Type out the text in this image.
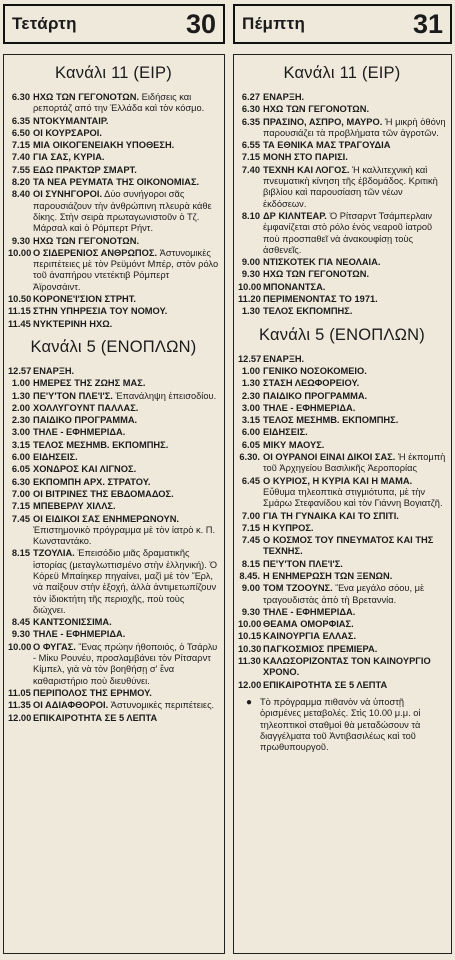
Τετάρτη	30
Κανάλι 11 (ΕΙΡ)
6.30 ΗΧΩ ΤΩΝ ΓΕΓΟΝΟΤΩΝ. Ειδήσεις και ρεπορτάζ από την Ἑλλάδα καὶ τὸν κόσμο.
6.35 ΝΤΟΚΥΜΑΝΤΑΙΡ.
6.50 ΟΙ ΚΟΥΡΣΑΡΟΙ.
7.15 ΜΙΑ ΟΙΚΟΓΕΝΕΙΑΚΗ ΥΠΟΘΕΣΗ.
7.40 ΓΙΑ ΣΑΣ, ΚΥΡΙΑ.
7.55 ΕΔΩ ΠΡΑΚΤΩΡ ΣΜΑΡΤ.
8.20 ΤΑ ΝΕΑ ΡΕΥΜΑΤΑ ΤΗΣ ΟΙΚΟΝΟΜΙΑΣ.
8.40 ΟΙ ΣΥΝΗΓΟΡΟΙ. Δύο συνήγοροι σᾶς παρουσιάζουν τὴν ἀνθρώπινη πλευρὰ κάθε δίκης. Στὴν σειρὰ πρωταγωνιστοῦν ὁ Τζ. Μάρσαλ καὶ ὁ Ρόμπερτ Ρήντ.
9.30 ΗΧΩ ΤΩΝ ΓΕΓΟΝΟΤΩΝ.
10.00 Ο ΣΙΔΕΡΕΝΙΟΣ ΑΝΘΡΩΠΟΣ. Ἀστυνομικὲς περιπέτειες μὲ τὸν Ρεϋμόντ Μπέρ, στὸν ρόλο τοῦ ἀναπήρου ντετέκτιβ Ρόμπερτ Ἀϊρονσάιντ.
10.50 ΚΟΡΟΝΕ'Ι'ΣΙΟΝ ΣΤΡΗΤ.
11.15 ΣΤΗΝ ΥΠΗΡΕΣΙΑ ΤΟΥ ΝΟΜΟΥ.
11.45 ΝΥΚΤΕΡΙΝΗ ΗΧΩ.
Κανάλι 5 (ΕΝΟΠΛΩΝ)
12.57 ΕΝΑΡΞΗ.
1.00 ΗΜΕΡΕΣ ΤΗΣ ΖΩΗΣ ΜΑΣ.
1.30 ΠΕ'Υ'ΤΟΝ ΠΛΕ'Ι'Σ. Ἐπανάληψη ἐπεισοδίου.
2.00 ΧΟΛΛΥΓΟΥΝΤ ΠΑΛΛΑΣ.
2.30 ΠΑΙΔΙΚΟ ΠΡΟΓΡΑΜΜΑ.
3.00 ΤΗΛΕ - ΕΦΗΜΕΡΙΔΑ.
3.15 ΤΕΛΟΣ ΜΕΣΗΜΒ. ΕΚΠΟΜΠΗΣ.
6.00 ΕΙΔΗΣΕΙΣ.
6.05 ΧΟΝΔΡΟΣ ΚΑΙ ΛΙΓΝΟΣ.
6.30 ΕΚΠΟΜΠΗ ΑΡΧ. ΣΤΡΑΤΟΥ.
7.00 ΟΙ ΒΙΤΡΙΝΕΣ ΤΗΣ ΕΒΔΟΜΑΔΟΣ.
7.15 ΜΠΕΒΕΡΛΥ ΧΙΛΛΣ.
7.45 ΟΙ ΕΙΔΙΚΟΙ ΣΑΣ ΕΝΗΜΕΡΩΝΟΥΝ. Ἐπιστημονικὸ πρόγραμμα μὲ τὸν ἰατρὸ κ. Π. Κωνσταντάκο.
8.15 ΤΖΟΥΛΙΑ. Ἐπεισόδιο μιᾶς δραματικῆς ἱστορίας (μεταγλωττισμένο στὴν ἑλληνική). Ὁ Κόρεϋ Μπαίηκερ πηγαίνει, μαζὶ μὲ τὸν Ἔρλ, νὰ παίξουν στὴν ἐξοχή, ἀλλὰ ἀντιμετωπίζουν τὸν ἰδιοκτήτη τῆς περιοχῆς, ποὺ τοὺς διώχνει.
8.45 ΚΑΝΤΣΟΝΙΣΣΙΜΑ.
9.30 ΤΗΛΕ - ΕΦΗΜΕΡΙΔΑ.
10.00 Ο ΦΥΓΑΣ. Ἕνας πρώην ἠθοποιός, ὁ Τσάρλυ - Μίκυ Ρουνέυ, προσλαμβάνει τὸν Ρίτσαρντ Κίμπελ, γιὰ νὰ τὸν βοηθήσῃ σ' ἕνα καθαριστήριο ποὺ διευθύνει.
11.05 ΠΕΡΙΠΟΛΟΣ ΤΗΣ ΕΡΗΜΟΥ.
11.35 ΟΙ ΑΔΙΑΦΘΟΡΟΙ. Ἀστυνομικὲς περιπέτειες.
12.00 ΕΠΙΚΑΙΡΟΤΗΤΑ ΣΕ 5 ΛΕΠΤΑ
Πέμπτη	31
Κανάλι 11 (ΕΙΡ)
6.27 ΕΝΑΡΞΗ.
6.30 ΗΧΩ ΤΩΝ ΓΕΓΟΝΟΤΩΝ.
6.35 ΠΡΑΣΙΝΟ, ΑΣΠΡΟ, ΜΑΥΡΟ. Ἡ μικρὴ ὀθόνη παρουσιάζει τὰ προβλήματα τῶν ἀγροτῶν.
6.55 ΤΑ ΕΘΝΙΚΑ ΜΑΣ ΤΡΑΓΟΥΔΙΑ
7.15 ΜΟΝΗ ΣΤΟ ΠΑΡΙΣΙ.
7.40 ΤΕΧΝΗ ΚΑΙ ΛΟΓΟΣ. Ἡ καλλιτεχνικὴ καὶ πνευματικὴ κίνηση τῆς ἑβδομάδος. Κριτικὴ βιβλίου καὶ παρουσίαση τῶν νέων ἐκδόσεων.
8.10 ΔΡ ΚΙΛΝΤΕΑΡ. Ὁ Ρίτσαρντ Τσάμπερλαιν ἐμφανίζεται στὸ ρόλο ἑνὸς νεαροῦ ἰατροῦ ποὺ προσπαθεῖ νὰ ἀνακουφίσῃ τοὺς ἀσθενεῖς.
9.00 ΝΤΙΣΚΟΤΕΚ ΓΙΑ ΝΕΟΛΑΙΑ.
9.30 ΗΧΩ ΤΩΝ ΓΕΓΟΝΟΤΩΝ.
10.00 ΜΠΟΝΑΝΤΣΑ.
11.20 ΠΕΡΙΜΕΝΟΝΤΑΣ ΤΟ 1971.
1.30 ΤΕΛΟΣ ΕΚΠΟΜΠΗΣ.
Κανάλι 5 (ΕΝΟΠΛΩΝ)
12.57 ΕΝΑΡΞΗ.
1.00 ΓΕΝΙΚΟ ΝΟΣΟΚΟΜΕΙΟ.
1.30 ΣΤΑΣΗ ΛΕΩΦΟΡΕΙΟΥ.
2.30 ΠΑΙΔΙΚΟ ΠΡΟΓΡΑΜΜΑ.
3.00 ΤΗΛΕ - ΕΦΗΜΕΡΙΔΑ.
3.15 ΤΕΛΟΣ ΜΕΣΗΜΒ. ΕΚΠΟΜΠΗΣ.
6.00 ΕΙΔΗΣΕΙΣ.
6.05 ΜΙΚΥ ΜΑΟΥΣ.
6.30. ΟΙ ΟΥΡΑΝΟΙ ΕΙΝΑΙ ΔΙΚΟΙ ΣΑΣ. Ἡ ἐκπομπὴ τοῦ Ἀρχηγείου Βασιλικῆς Ἀεροπορίας
6.45 Ο ΚΥΡΙΟΣ, Η ΚΥΡΙΑ ΚΑΙ Η ΜΑΜΑ. Εὔθυμα τηλεοπτικὰ στιγμιότυπα, μὲ τὴν Σμάρω Στεφανίδου καὶ τὸν Γιάννη Βογιατζῆ.
7.00 ΓΙΑ ΤΗ ΓΥΝΑΙΚΑ ΚΑΙ ΤΟ ΣΠΙΤΙ.
7.15 Η ΚΥΠΡΟΣ.
7.45 Ο ΚΟΣΜΟΣ ΤΟΥ ΠΝΕΥΜΑΤΟΣ ΚΑΙ ΤΗΣ ΤΕΧΝΗΣ.
8.15 ΠΕ'Υ'ΤΟΝ ΠΛΕ'Ι'Σ.
8.45. Η ΕΝΗΜΕΡΩΣΗ ΤΩΝ ΞΕΝΩΝ.
9.00 ΤΟΜ ΤΖΟΟΥΝΣ. Ἕνα μεγάλο σόου, μὲ τραγουδιστὰς ἀπὸ τὴ Βρεταννία.
9.30 ΤΗΛΕ - ΕΦΗΜΕΡΙΔΑ.
10.00 ΘΕΑΜΑ ΟΜΟΡΦΙΑΣ.
10.15 ΚΑΙΝΟΥΡΓΙΑ ΕΛΛΑΣ.
10.30 ΠΑΓΚΟΣΜΙΟΣ ΠΡΕΜΙΕΡΑ.
11.30 ΚΑΛΩΣΟΡΙΖΟΝΤΑΣ ΤΟΝ ΚΑΙΝΟΥΡΓΙΟ ΧΡΟΝΟ.
12.00 ΕΠΙΚΑΙΡΟΤΗΤΑ ΣΕ 5 ΛΕΠΤΑ
● Τὸ πρόγραμμα πιθανὸν νὰ ὑποστῇ ὁρισμένες μεταβολές. Στὶς 10.00 μ.μ. οἱ τηλεοπτικοὶ σταθμοὶ θὰ μεταδώσουν τὰ διαγγέλματα τοῦ Ἀντιβασιλέως καὶ τοῦ πρωθυπουργοῦ.
